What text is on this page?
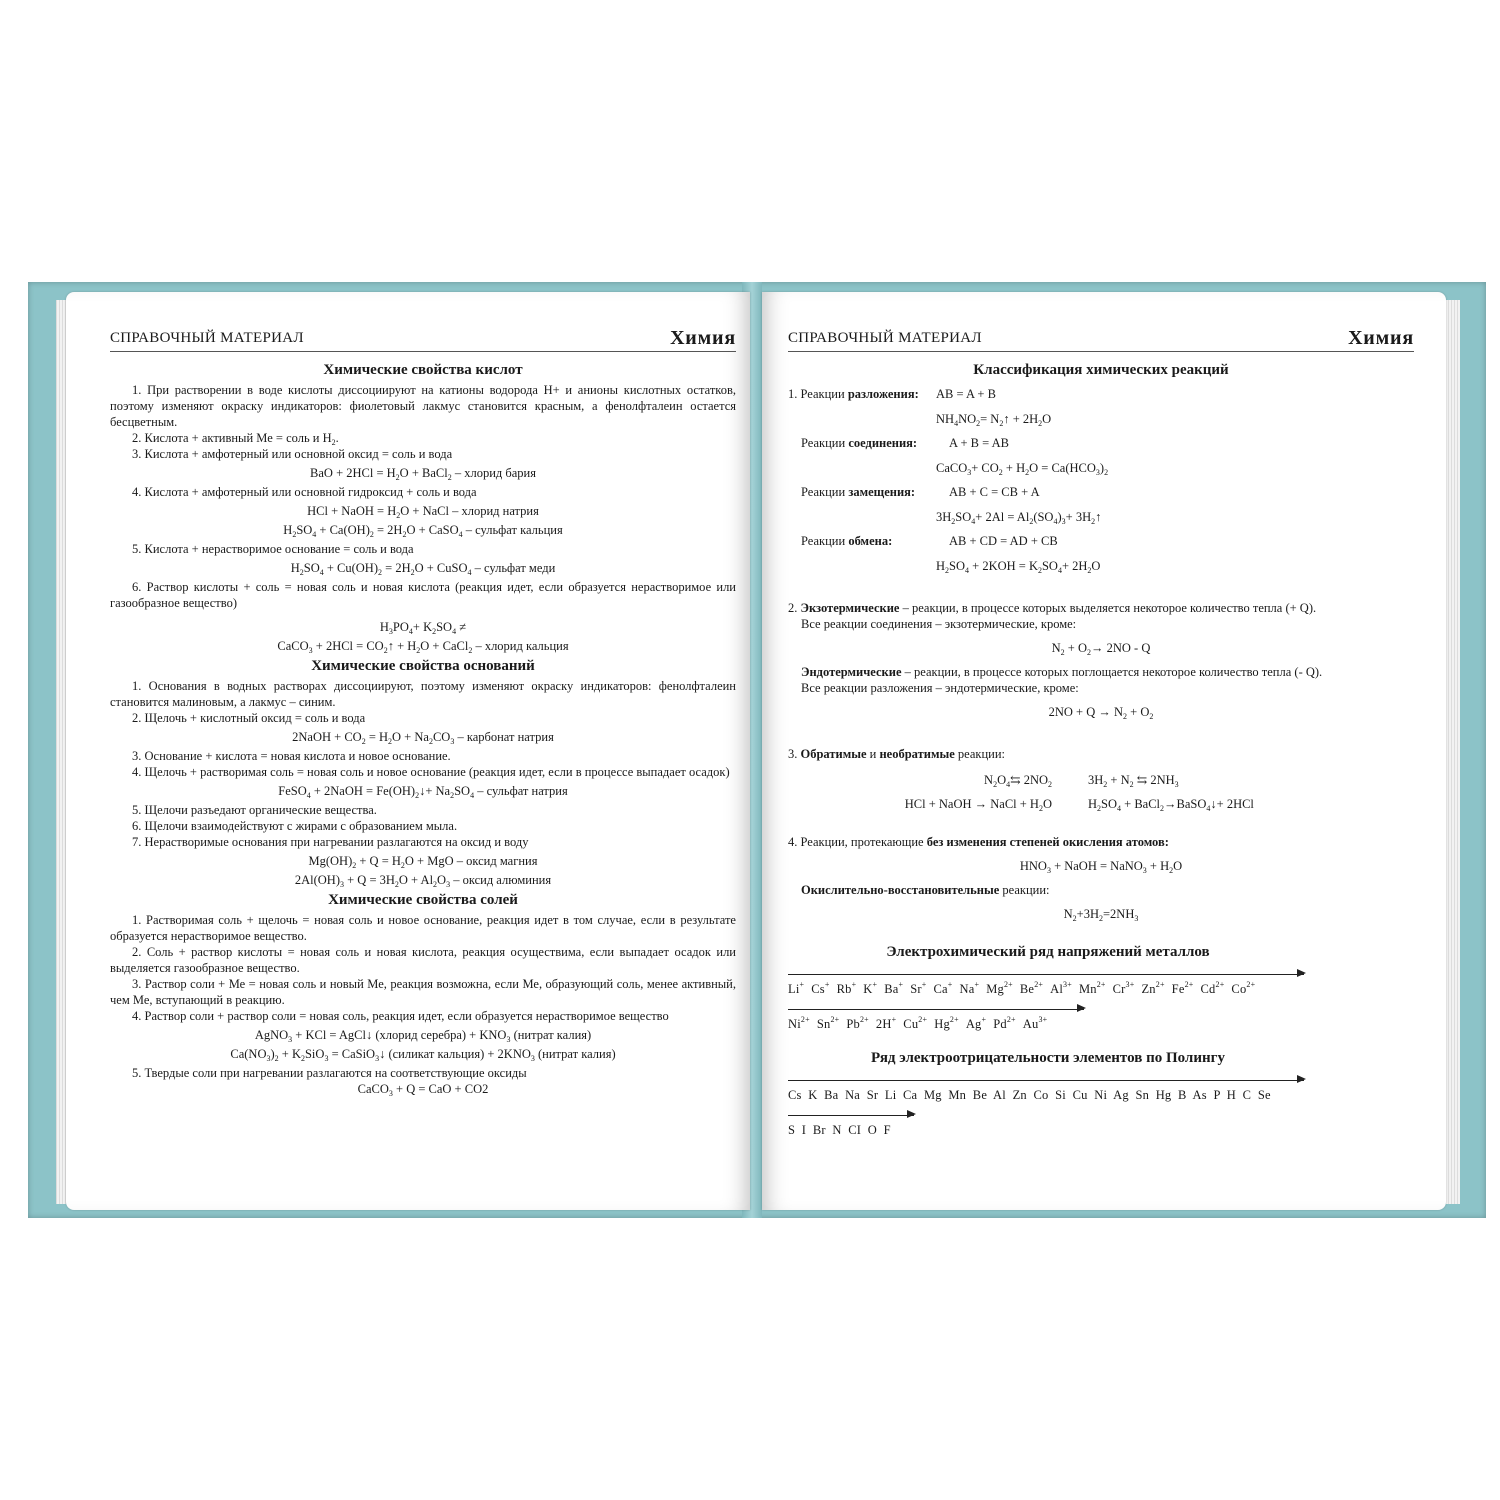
СПРАВОЧНЫЙ МАТЕРИАЛ	Химия
Химические свойства кислот

1. При растворении в воде кислоты диссоциируют на катионы водорода H+ и анионы кислотных остатков, поэтому изменяют окраску индикаторов: фиолетовый лакмус становится красным, а фенолфталеин остается бесцветным.

2. Кислота + активный Ме = соль и $H_2$.

3. Кислота + амфотерный или основной оксид = соль и вода

BaO + $2HCl = H_2O$ + BaCl$_2$ – хлорид бария

4. Кислота + амфотерный или основной гидроксид + соль и вода

HCl + NaOH = $H_2O$ + NaCl – хлорид натрия
$H_2SO_4 + Ca(OH)_2 = 2H_2O$ + CaSO$_4$ – сульфат кальция

5. Кислота + нерастворимое основание = соль и вода

$H_2SO_4 + Cu(OH)_2 = 2H_2O$ + CuSO$_4$ – сульфат меди

6. Раствор кислоты + соль = новая соль и новая кислота (реакция идет, если образуется нерастворимое или газообразное вещество)

$H_3PO_4+ K_2SO_4$ ≠
CaCO$_3$ + $2HCl = CO_2↑ + H_2O$ + CaCl$_2$ – хлорид кальция
Химические свойства оснований

1. Основания в водных растворах диссоциируют, поэтому изменяют окраску индикаторов: фенолфталеин становится малиновым, а лакмус – синим.

2. Щелочь + кислотный оксид = соль и вода

2NaOH + $CO_2 = H_2O + Na_2CO_3$ – карбонат натрия

3. Основание + кислота = новая кислота и новое основание.

4. Щелочь + растворимая соль = новая соль и новое основание (реакция идет, если в процессе выпадает осадок)

FeSO$_4$ + 2NaOH = $Fe(OH)_2↓+ Na_2SO_4$ – сульфат натрия

5. Щелочи разъедают органические вещества.

6. Щелочи взаимодействуют с жирами с образованием мыла.

7. Нерастворимые основания при нагревании разлагаются на оксид и воду

$Mg(OH)_2 + Q = H_2O$ + MgO – оксид магния
$2Al(OH)_3 + Q = 3H_2O + Al_2O_3$ – оксид алюминия
Химические свойства солей

1. Растворимая соль + щелочь = новая соль и новое основание, реакция идет в том случае, если в результате образуется нерастворимое вещество.

2. Соль + раствор кислоты = новая соль и новая кислота, реакция осуществима, если выпадает осадок или выделяется газообразное вещество.

3. Раствор соли + Ме = новая соль и новый Ме, реакция возможна, если Ме, образующий соль, менее активный, чем Ме, вступающий в реакцию.

4. Раствор соли + раствор соли = новая соль, реакция идет, если образуется нерастворимое вещество

AgNO$_3$ + KCl = AgCl↓ (хлорид серебра) + $KNO_3$ (нитрат калия)
$Ca(NO_3)_2 + K_2SiO_3$ = CaSiO$_3$↓ (силикат кальция) + $2KNO_3$ (нитрат калия)

5. Твердые соли при нагревании разлагаются на соответствующие оксиды

CaCO$_3$ + Q = CaO + CO2
СПРАВОЧНЫЙ МАТЕРИАЛ	Химия
Классификация химических реакций
1. Реакции разложения:	AB = A + B
$NH_4NO_2=$ $N_2↑ + 2H_2O$
Реакции соединения:	A + B = AB
CaCO$_3$+ $CO_2 + H_2O = Ca(HCO_3)_2$
Реакции замещения:	AB + C = CB + A
$3H_2SO_4+ 2Al = Al_2(SO_4)_3+$ $3H_2↑$
Реакции обмена:	AB + CD = AD + CB
$H_2SO_4 + 2KOH = K_2SO_4+ 2H_2O$

2. Экзотермические – реакции, в процессе которых выделяется некоторое количество тепла (+ Q).

Все реакции соединения – экзотермические, кроме:

$N_2 + O_2\to 2NO - Q$

Эндотермические – реакции, в процессе которых поглощается некоторое количество тепла (- Q).

Все реакции разложения – эндотермические, кроме:

$2NO + Q \to N_2 + O_2$

3. Обратимые и необратимые реакции:

$N_2O_4⇆$ $2NO_2$	$3H_2 + N_2$ ⇆ $2NH_3$
HCl + NaOH → NaCl + $H_2O$	$H_2SO_4$ + BaCl$_2$→BaSO$_4$↓+ 2HCl

4. Реакции, протекающие без изменения степеней окисления атомов:

$HNO_3$ + NaOH = NaNO$_3$ + $H_2O$

Окислительно-восстановительные реакции:

$N_2+3H_2=2NH_3$
Электрохимический ряд напряжений металлов
Li+ Cs+ Rb+ K+ Ba+ Sr+ Ca+ Na+ $Mg^{2+}$ $Be^{2+}$ $Al^{3+}$ $Mn^{2+}$ $Cr^{3+}$ $Zn^{2+}$ $Fe^{2+}$ $Cd^{2+}$ $Co^{2+}$
$Ni^{2+}$ $Sn^{2+}$ $Pb^{2+}$ 2H+ $Cu^{2+}$ $Hg^{2+}$ Ag+ $Pd^{2+}$ $Au^{3+}$
Ряд электроотрицательности элементов по Полингу
Cs  K  Ba  Na  Sr  Li  Ca  Mg  Mn  Be  Al  Zn  Co  Si  Cu  Ni  Ag  Sn  Hg  B  As  P  H  C  Se
S  I  Br  N  CI  O  F
